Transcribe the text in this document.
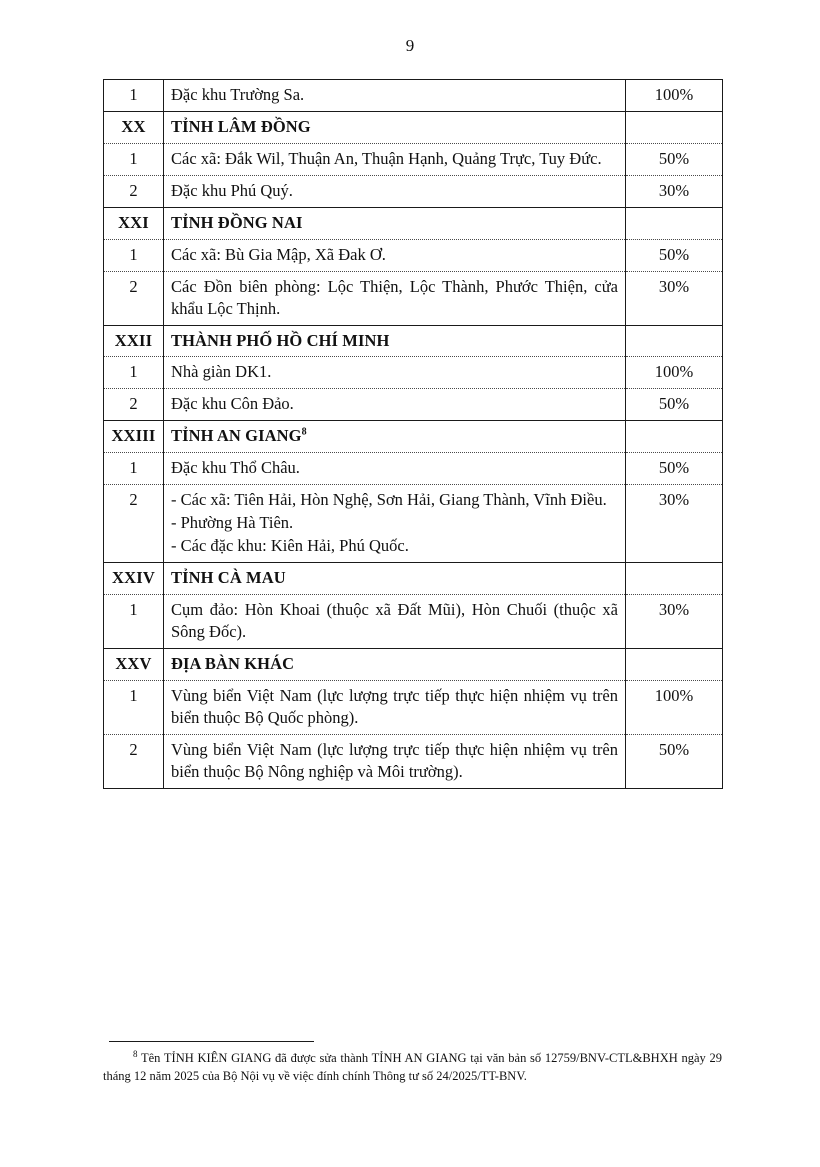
9
1	Đặc khu Trường Sa.	100%
XX	TỈNH LÂM ĐỒNG	

1	Các xã: Đắk Wil, Thuận An, Thuận Hạnh, Quảng Trực, Tuy Đức.	50%
2	Đặc khu Phú Quý.	30%
XXI	TỈNH ĐỒNG NAI	

1	Các xã: Bù Gia Mập, Xã Đak Ơ.	50%
2	Các Đồn biên phòng: Lộc Thiện, Lộc Thành, Phước Thiện, cửa khẩu Lộc Thịnh.	30%
XXII	THÀNH PHỐ HỒ CHÍ MINH	

1	Nhà giàn DK1.	100%
2	Đặc khu Côn Đảo.	50%
XXIII	TỈNH AN GIANG$^8$

1	Đặc khu Thổ Châu.	50%
2	- Các xã: Tiên Hải, Hòn Nghệ, Sơn Hải, Giang Thành, Vĩnh Điều.
- Phường Hà Tiên.
- Các đặc khu: Kiên Hải, Phú Quốc.	30%
XXIV	TỈNH CÀ MAU	

1	Cụm đảo: Hòn Khoai (thuộc xã Đất Mũi), Hòn Chuối (thuộc xã Sông Đốc).	30%
XXV	ĐỊA BÀN KHÁC	

1	Vùng biển Việt Nam (lực lượng trực tiếp thực hiện nhiệm vụ trên biển thuộc Bộ Quốc phòng).	100%
2	Vùng biển Việt Nam (lực lượng trực tiếp thực hiện nhiệm vụ trên biển thuộc Bộ Nông nghiệp và Môi trường).	50%
$^8$ Tên TỈNH KIÊN GIANG đã được sửa thành TỈNH AN GIANG tại văn bản số 12759/BNV-CTL&BHXH ngày 29 tháng 12 năm 2025 của Bộ Nội vụ về việc đính chính Thông tư số 24/2025/TT-BNV.
